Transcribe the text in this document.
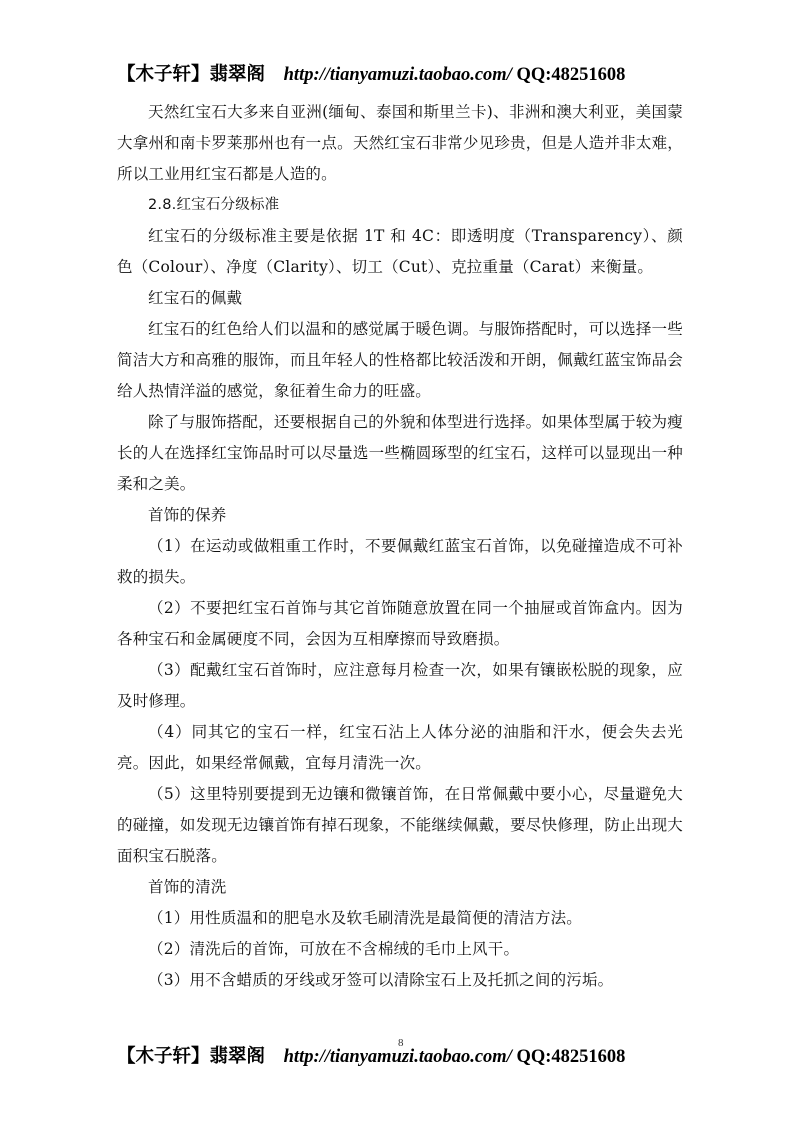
【木子轩】翡翠阁 http://tianyamuzi.taobao.com/ QQ:48251608

天然红宝石大多来自亚洲(缅甸、泰国和斯里兰卡)、非洲和澳大利亚，美国蒙大拿州和南卡罗莱那州也有一点。天然红宝石非常少见珍贵，但是人造并非太难，所以工业用红宝石都是人造的。

2.8.红宝石分级标准

红宝石的分级标准主要是依据 1T 和 4C：即透明度（Transparency）、颜色（Colour）、净度（Clarity）、切工（Cut）、克拉重量（Carat）来衡量。

红宝石的佩戴

红宝石的红色给人们以温和的感觉属于暖色调。与服饰搭配时，可以选择一些简洁大方和高雅的服饰，而且年轻人的性格都比较活泼和开朗，佩戴红蓝宝饰品会给人热情洋溢的感觉，象征着生命力的旺盛。

除了与服饰搭配，还要根据自己的外貌和体型进行选择。如果体型属于较为瘦长的人在选择红宝饰品时可以尽量选一些椭圆琢型的红宝石，这样可以显现出一种柔和之美。

首饰的保养

（1）在运动或做粗重工作时，不要佩戴红蓝宝石首饰，以免碰撞造成不可补救的损失。

（2）不要把红宝石首饰与其它首饰随意放置在同一个抽屉或首饰盒内。因为各种宝石和金属硬度不同，会因为互相摩擦而导致磨损。

（3）配戴红宝石首饰时，应注意每月检查一次，如果有镶嵌松脱的现象，应及时修理。

（4）同其它的宝石一样，红宝石沾上人体分泌的油脂和汗水，便会失去光亮。因此，如果经常佩戴，宜每月清洗一次。

（5）这里特别要提到无边镶和微镶首饰，在日常佩戴中要小心，尽量避免大的碰撞，如发现无边镶首饰有掉石现象，不能继续佩戴，要尽快修理，防止出现大面积宝石脱落。

首饰的清洗

（1）用性质温和的肥皂水及软毛刷清洗是最简便的清洁方法。

（2）清洗后的首饰，可放在不含棉绒的毛巾上风干。

（3）用不含蜡质的牙线或牙签可以清除宝石上及托抓之间的污垢。

8
【木子轩】翡翠阁 http://tianyamuzi.taobao.com/ QQ:48251608
